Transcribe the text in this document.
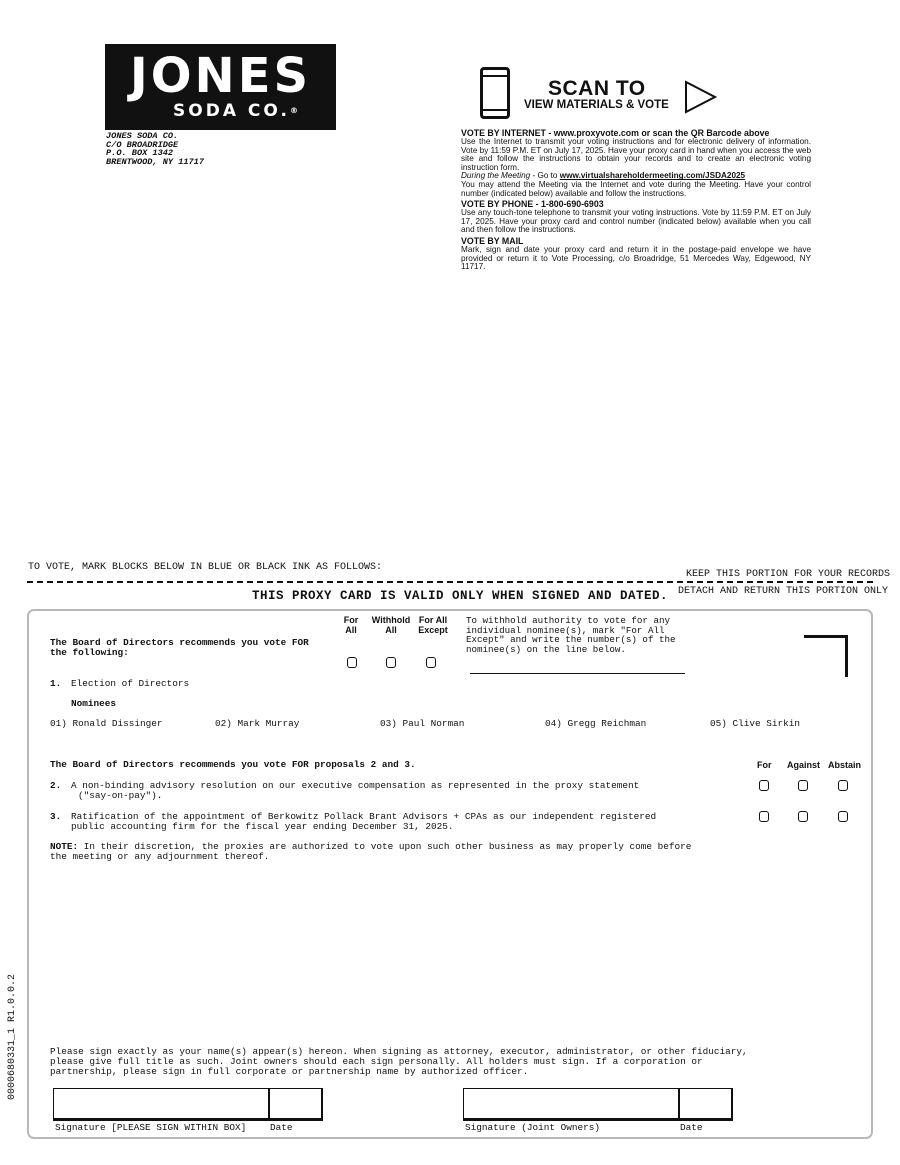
JONES
SODA CO.®
JONES SODA CO.
C/O BROADRIDGE
P.O. BOX 1342
BRENTWOOD, NY 11717
SCAN TO
VIEW MATERIALS & VOTE

VOTE BY INTERNET - www.proxyvote.com or scan the QR Barcode above

Use the Internet to transmit your voting instructions and for electronic delivery of information. Vote by 11:59 P.M. ET on July 17, 2025. Have your proxy card in hand when you access the web site and follow the instructions to obtain your records and to create an electronic voting instruction form.

During the Meeting - Go to www.virtualshareholdermeeting.com/JSDA2025

You may attend the Meeting via the Internet and vote during the Meeting. Have your control number (indicated below) available and follow the instructions.

VOTE BY PHONE - 1-800-690-6903

Use any touch-tone telephone to transmit your voting instructions. Vote by 11:59 P.M. ET on July 17, 2025. Have your proxy card and control number (indicated below) available when you call and then follow the instructions.

VOTE BY MAIL

Mark, sign and date your proxy card and return it in the postage-paid envelope we have provided or return it to Vote Processing, c/o Broadridge, 51 Mercedes Way, Edgewood, NY 11717.

TO VOTE, MARK BLOCKS BELOW IN BLUE OR BLACK INK AS FOLLOWS:
KEEP THIS PORTION FOR YOUR RECORDS
DETACH AND RETURN THIS PORTION ONLY
THIS PROXY CARD IS VALID ONLY WHEN SIGNED AND DATED.
The Board of Directors recommends you vote FOR
the following:
For
All
Withhold
All
For All
Except
To withhold authority to vote for any
individual nominee(s), mark "For All
Except" and write the number(s) of the
nominee(s) on the line below.
1. Election of Directors
Nominees
01) Ronald Dissinger	02) Mark Murray	03) Paul Norman	04) Gregg Reichman	05) Clive Sirkin
The Board of Directors recommends you vote FOR proposals 2 and 3.	For Against Abstain
2. A non-binding advisory resolution on our executive compensation as represented in the proxy statement
("say-on-pay").
3. Ratification of the appointment of Berkowitz Pollack Brant Advisors + CPAs as our independent registered
public accounting firm for the fiscal year ending December 31, 2025.
NOTE: In their discretion, the proxies are authorized to vote upon such other business as may properly come before
the meeting or any adjournment thereof.
Please sign exactly as your name(s) appear(s) hereon. When signing as attorney, executor, administrator, or other fiduciary,
please give full title as such. Joint owners should each sign personally. All holders must sign. If a corporation or
partnership, please sign in full corporate or partnership name by authorized officer.
Signature [PLEASE SIGN WITHIN BOX]	Date	Signature (Joint Owners)	Date
0000680331_1 R1.0.0.2
